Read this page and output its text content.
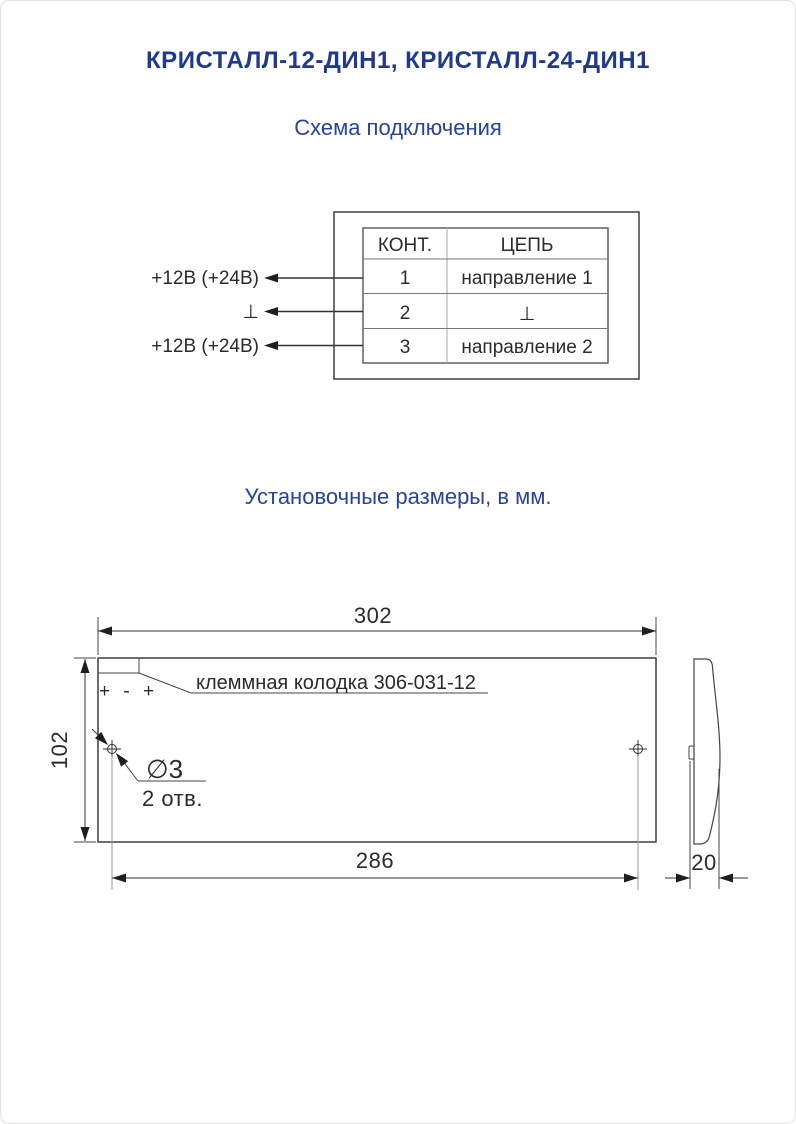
КРИСТАЛЛ-12-ДИН1, КРИСТАЛЛ-24-ДИН1
Схема подключения
Установочные размеры, в мм.
КОНТ.	ЦЕПЬ
1	направление 1
2	⊥
3	направление 2
+12В (+24В)
⊥
+12В (+24В)
+ - + клеммная колодка 306-031-12
302
102	∅3
2 отв.
286	20
